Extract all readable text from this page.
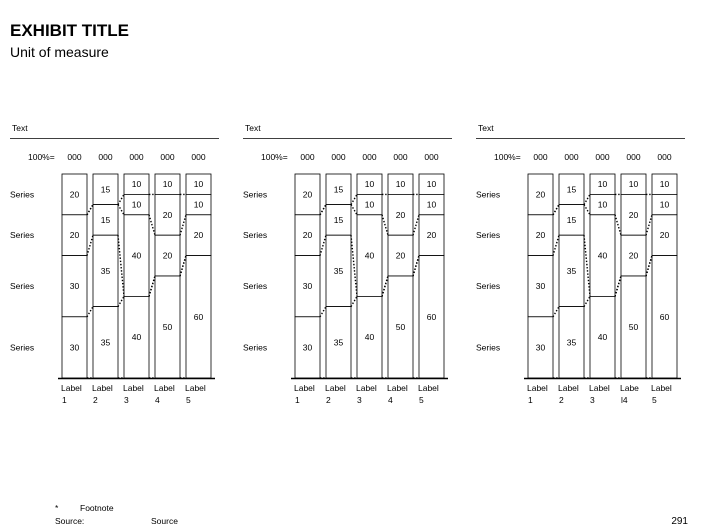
EXHIBIT TITLE
Unit of measure
Text
100%= 000 000 000 000 000
20
20
30
30
15
15
35
35
10
10
40
40
10
20
20
50
10
10
20
60
Label
1
Label
2
Label
3
Label
4
Label
5
Series
Series
Series
Series
Text
100%= 000 000 000 000 000
20
20
30
30
15
15
35
35
10
10
40
40
10
20
20
50
10
10
20
60
Label
1
Label
2
Label
3
Label
4
Label
5
Series
Series
Series
Series
Text
100%= 000 000 000 000 000
20
20
30
30
15
15
35
35
10
10
40
40
10
20
20
50
10
10
20
60
Label
1
Label
2
Label
3
Labe
l4
Label
5
Series
Series
Series
Series
*	Footnote
Source:	Source	291
